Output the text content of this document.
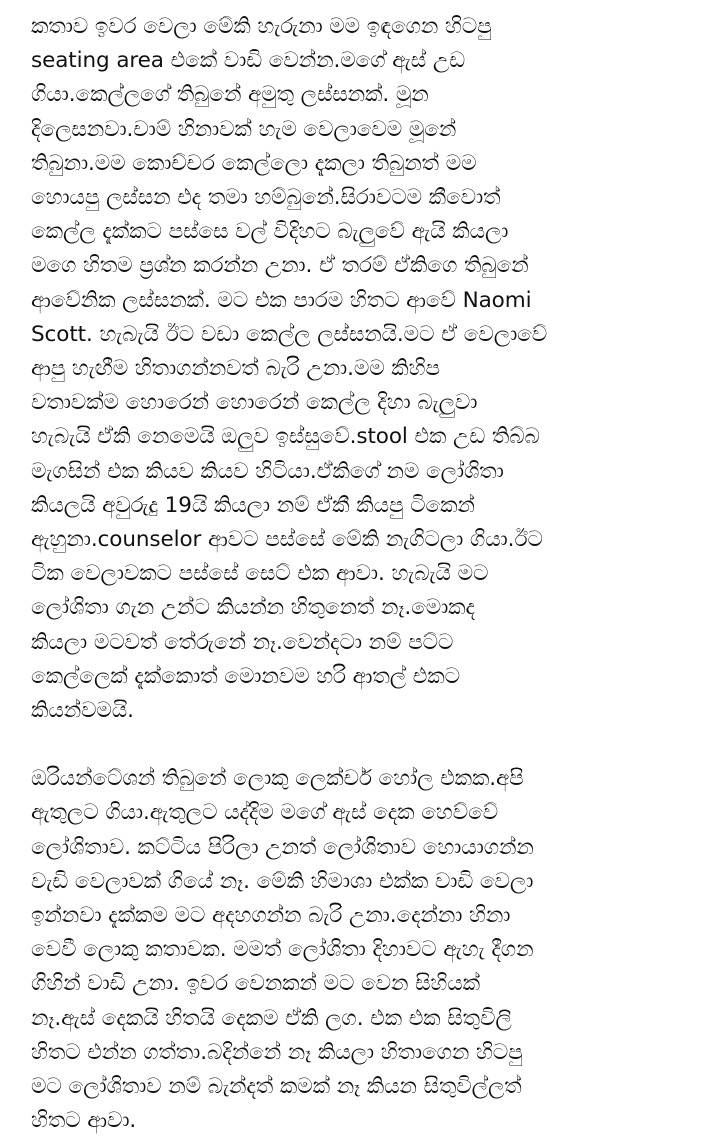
කතාව ඉවර වෙලා මේකි හැරුනා මම ඉඳගෙන හිටපු
seating area එකේ වාඩි වෙන්න.මගේ ඇස් උඩ
ගියා.කෙල්ලගේ තිබුනේ අමුතු ලස්සනක්. මූන
දිලෙසනවා.චාම් හිනාවක් හැම වෙලාවෙම මූනේ
තිබුනා.මම කොච්චර කෙල්ලො දැකලා තිබුනත් මම
හොයපු ලස්සන එද තමා හම්බුනේ.සිරාවටම කීවොත්
කෙල්ල දැක්කට පස්සෙ වල් විදිහට බැලුවේ ඇයි කියලා
මගෙ හිතම ප්‍රශ්න කරන්න උනා. ඒ තරම් ඒකිගෙ තිබුනේ
ආවේනික ලස්සනක්. මට එක පාරම හිතට ආවේ Naomi
Scott. හැබැයි ඊට වඩා කෙල්ල ලස්සනයි.මට ඒ වෙලාවේ
ආපු හැඟීම හිතාගන්නවත් බැරි උනා.මම කිහිප
වතාවක්ම හොරෙන් හොරෙන් කෙල්ල දිහා බැලුවා
හැබැයි ඒකි නෙමෙයි ඔලුව ඉස්සුවේ.stool එක උඩ තිබ්බ
මැගසින් එක කියව කියව හිටියා.ඒකිගේ නම ලෝශිතා
කියලයි අවුරුදු 19යි කියලා නම් ඒකී කියපු ටිකෙන්
ඇහුනා.counselor ආවට පස්සේ මේකි නැගිටලා ගියා.ඊට
ටික වෙලාවකට පස්සේ සෙට් එක ආවා. හැබැයි මට
ලෝශිතා ගැන උන්ට කියන්න හිතුනෙත් නෑ.මොකද
කියලා මටවත් තේරුනේ නෑ.වෙන්දටා නම් පට්ට
කෙල්ලෙක් දැක්කොත් මොනවම හරි ආතල් එකට
කියන්වමයි.
ඔරියන්ටේශන් තිබුනේ ලොකු ලෙක්චර් හෝල එකක.අපි
ඇතුලට ගියා.ඇතුලට යද්දිම මගේ ඇස් දෙක හෙව්වේ
ලෝශිතාව. කට්ටිය පිරිලා උනත් ලෝශිතාව හොයාගන්න
වැඩි වෙලාවක් ගියේ නෑ. මේකි හිමාශා එක්ක වාඩි වෙලා
ඉන්නවා දැක්කම මට අදහගන්න බැරි උනා.දෙන්නා හිනා
වෙවී ලොකු කතාවක. මමත් ලෝශිතා දිහාවට ඇහැ දීගන
ගිහින් වාඩි උනා. ඉවර වෙනකන් මට වෙන සිහියක්
නෑ.ඇස් දෙකයි හිතයි දෙකම ඒකි ලග. එක එක සිතුවිලි
හිතට එන්න ගත්තා.බදින්නේ නෑ කියලා හිතාගෙන හිටපු
මට ලෝශිතාව නම් බැන්දත් කමක් නෑ කියන සිතුවිල්ලත්
හිතට ආවා.
